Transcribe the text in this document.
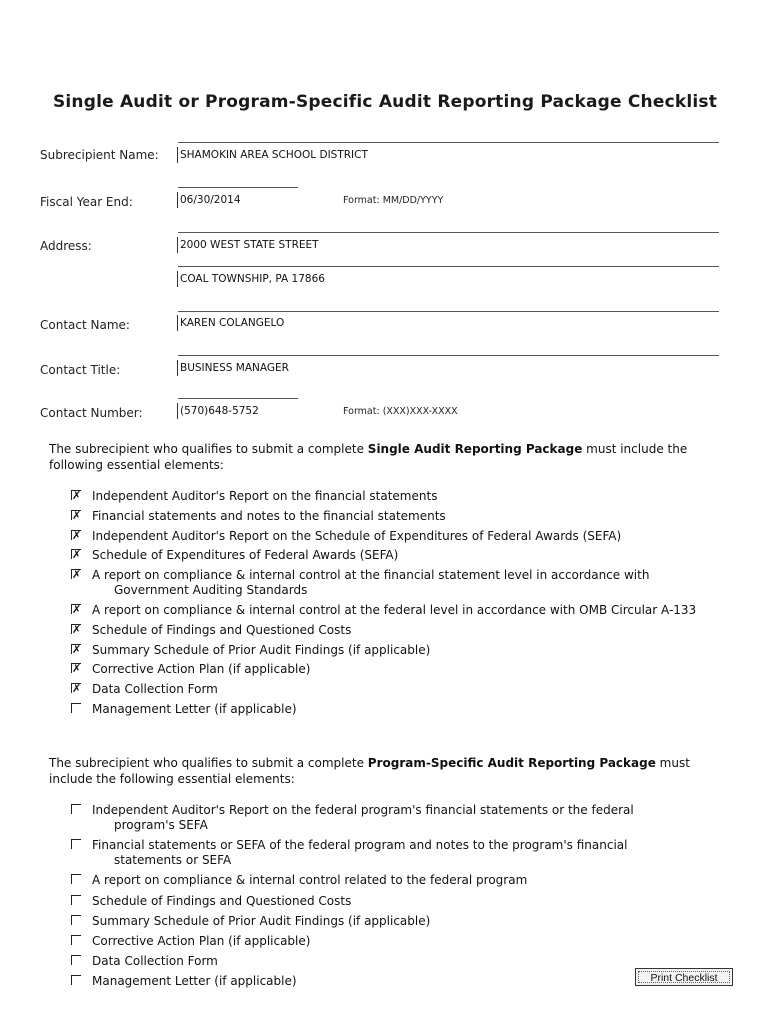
Single Audit or Program-Specific Audit Reporting Package Checklist
Subrecipient Name: SHAMOKIN AREA SCHOOL DISTRICT
Fiscal Year End:	06/30/2014	Format: MM/DD/YYYY
Address:	2000 WEST STATE STREET
COAL TOWNSHIP, PA 17866
Contact Name:	KAREN COLANGELO
Contact Title:	BUSINESS MANAGER
Contact Number:	(570)648-5752	Format: (XXX)XXX-XXXX
The subrecipient who qualifies to submit a complete Single Audit Reporting Package must include the following essential elements:
✗ Independent Auditor's Report on the financial statements
✗ Financial statements and notes to the financial statements
✗ Independent Auditor's Report on the Schedule of Expenditures of Federal Awards (SEFA)
✗ Schedule of Expenditures of Federal Awards (SEFA)
✗ A report on compliance & internal control at the financial statement level in accordance with
Government Auditing Standards
✗ A report on compliance & internal control at the federal level in accordance with OMB Circular A-133
✗ Schedule of Findings and Questioned Costs
✗ Summary Schedule of Prior Audit Findings (if applicable)
✗ Corrective Action Plan (if applicable)
✗ Data Collection Form
Management Letter (if applicable)
The subrecipient who qualifies to submit a complete Program-Specific Audit Reporting Package must include the following essential elements:
Independent Auditor's Report on the federal program's financial statements or the federal
program's SEFA
Financial statements or SEFA of the federal program and notes to the program's financial
statements or SEFA
A report on compliance & internal control related to the federal program
Schedule of Findings and Questioned Costs
Summary Schedule of Prior Audit Findings (if applicable)
Corrective Action Plan (if applicable)
Data Collection Form
Management Letter (if applicable)	Print Checklist
